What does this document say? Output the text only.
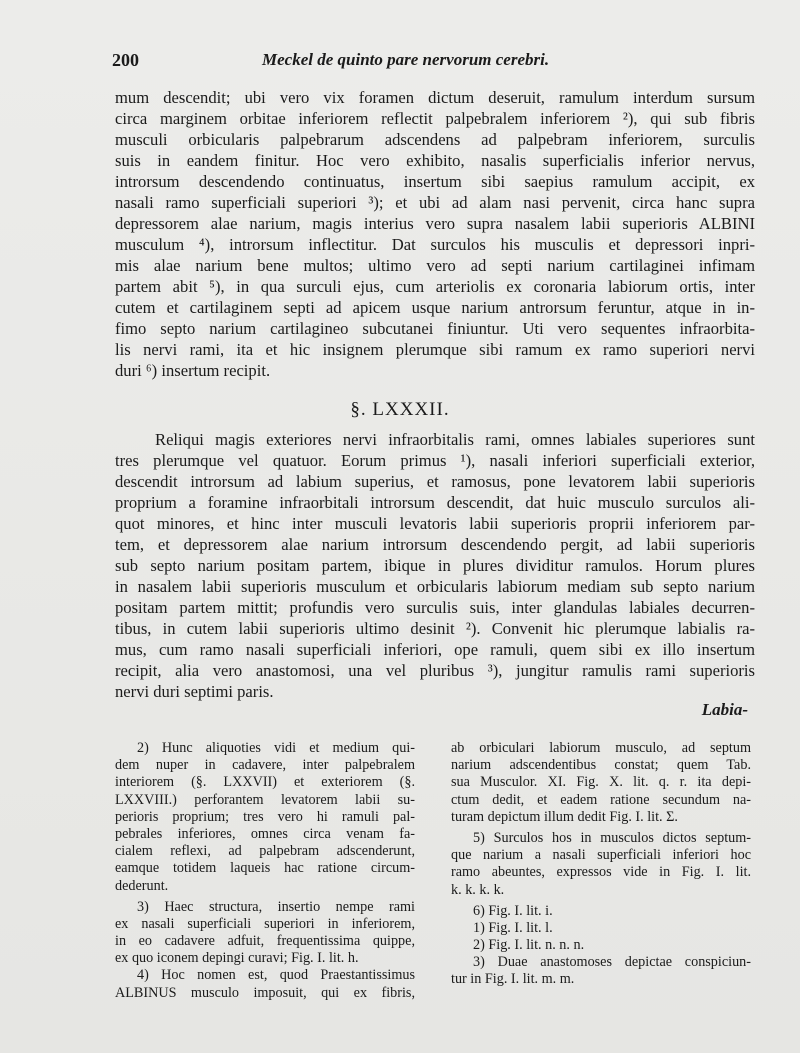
200	Meckel de quinto pare nervorum cerebri.
mum descendit; ubi vero vix foramen dictum deseruit, ramulum interdum sursum
circa marginem orbitae inferiorem reflectit palpebralem inferiorem ²), qui sub fibris
musculi orbicularis palpebrarum adscendens ad palpebram inferiorem, surculis
suis in eandem finitur. Hoc vero exhibito, nasalis superficialis inferior nervus,
introrsum descendendo continuatus, insertum sibi saepius ramulum accipit, ex
nasali ramo superficiali superiori ³); et ubi ad alam nasi pervenit, circa hanc supra
depressorem alae narium, magis interius vero supra nasalem labii superioris ALBINI
musculum ⁴), introrsum inflectitur. Dat surculos his musculis et depressori inpri-
mis alae narium bene multos; ultimo vero ad septi narium cartilaginei infimam
partem abit ⁵), in qua surculi ejus, cum arteriolis ex coronaria labiorum ortis, inter
cutem et cartilaginem septi ad apicem usque narium antrorsum feruntur, atque in in-
fimo septo narium cartilagineo subcutanei finiuntur. Uti vero sequentes infraorbita-
lis nervi rami, ita et hic insignem plerumque sibi ramum ex ramo superiori nervi
duri ⁶) insertum recipit.
§. LXXXII.
Reliqui magis exteriores nervi infraorbitalis rami, omnes labiales superiores sunt
tres plerumque vel quatuor. Eorum primus ¹), nasali inferiori superficiali exterior,
descendit introrsum ad labium superius, et ramosus, pone levatorem labii superioris
proprium a foramine infraorbitali introrsum descendit, dat huic musculo surculos ali-
quot minores, et hinc inter musculi levatoris labii superioris proprii inferiorem par-
tem, et depressorem alae narium introrsum descendendo pergit, ad labii superioris
sub septo narium positam partem, ibique in plures dividitur ramulos. Horum plures
in nasalem labii superioris musculum et orbicularis labiorum mediam sub septo narium
positam partem mittit; profundis vero surculis suis, inter glandulas labiales decurren-
tibus, in cutem labii superioris ultimo desinit ²). Convenit hic plerumque labialis ra-
mus, cum ramo nasali superficiali inferiori, ope ramuli, quem sibi ex illo insertum
recipit, alia vero anastomosi, una vel pluribus ³), jungitur ramulis rami superioris
nervi duri septimi paris.
Labia-
2) Hunc aliquoties vidi et medium qui-
dem nuper in cadavere, inter palpebralem
interiorem (§. LXXVII) et exteriorem (§.
LXXVIII.) perforantem levatorem labii su-
perioris proprium; tres vero hi ramuli pal-
pebrales inferiores, omnes circa venam fa-
cialem reflexi, ad palpebram adscenderunt,
eamque totidem laqueis hac ratione circum-
dederunt.
3) Haec structura, insertio nempe rami
ex nasali superficiali superiori in inferiorem,
in eo cadavere adfuit, frequentissima quippe,
ex quo iconem depingi curavi; Fig. I. lit. h.
4) Hoc nomen est, quod Praestantissimus
ALBINUS musculo imposuit, qui ex fibris,
ab orbiculari labiorum musculo, ad septum
narium adscendentibus constat; quem Tab.
sua Musculor. XI. Fig. X. lit. q. r. ita depi-
ctum dedit, et eadem ratione secundum na-
turam depictum illum dedit Fig. I. lit. Σ.
5) Surculos hos in musculos dictos septum-
que narium a nasali superficiali inferiori hoc
ramo abeuntes, expressos vide in Fig. I. lit.
k. k. k. k.
6) Fig. I. lit. i.
1) Fig. I. lit. l.
2) Fig. I. lit. n. n. n.
3) Duae anastomoses depictae conspiciun-
tur in Fig. I. lit. m. m.
